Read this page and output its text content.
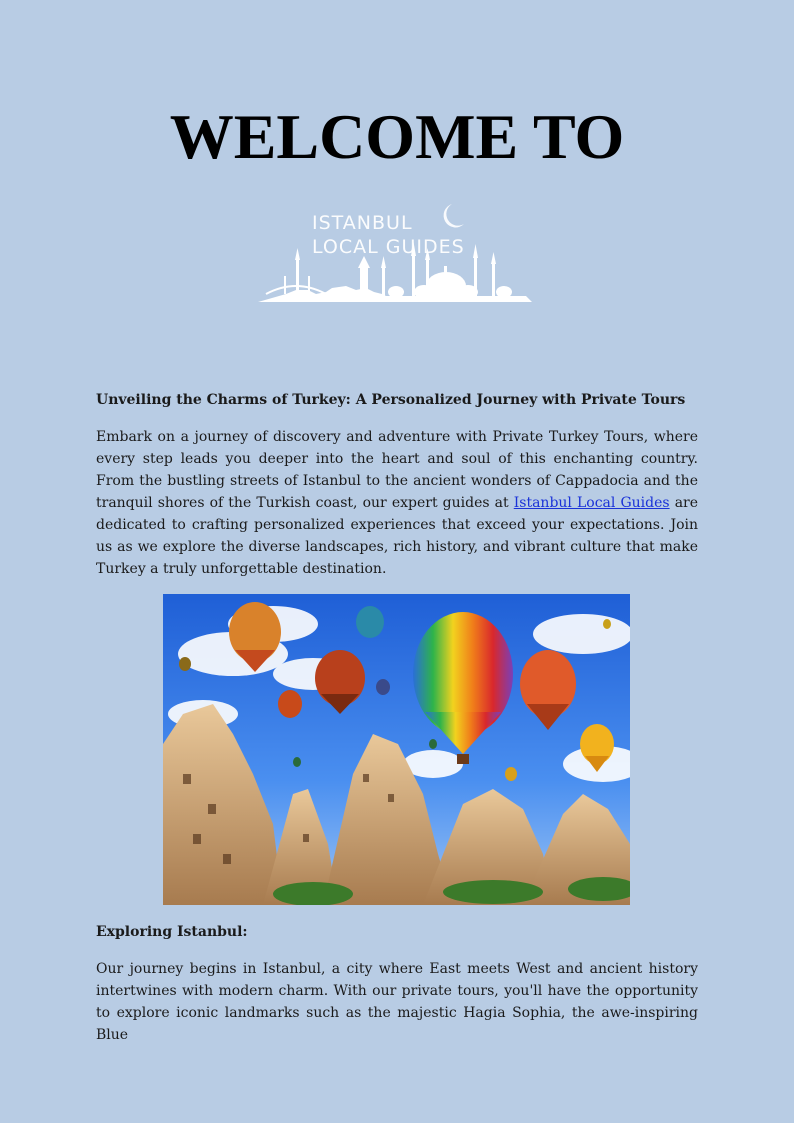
WELCOME TO
ISTANBUL
LOCAL GUIDES

Unveiling the Charms of Turkey: A Personalized Journey with Private Tours

Embark on a journey of discovery and adventure with Private Turkey Tours, where every step leads you deeper into the heart and soul of this enchanting country. From the bustling streets of Istanbul to the ancient wonders of Cappadocia and the tranquil shores of the Turkish coast, our expert guides at Istanbul Local Guides are dedicated to crafting personalized experiences that exceed your expectations. Join us as we explore the diverse landscapes, rich history, and vibrant culture that make Turkey a truly unforgettable destination.

Exploring Istanbul:

Our journey begins in Istanbul, a city where East meets West and ancient history intertwines with modern charm. With our private tours, you'll have the opportunity to explore iconic landmarks such as the majestic Hagia Sophia, the awe-inspiring Blue
